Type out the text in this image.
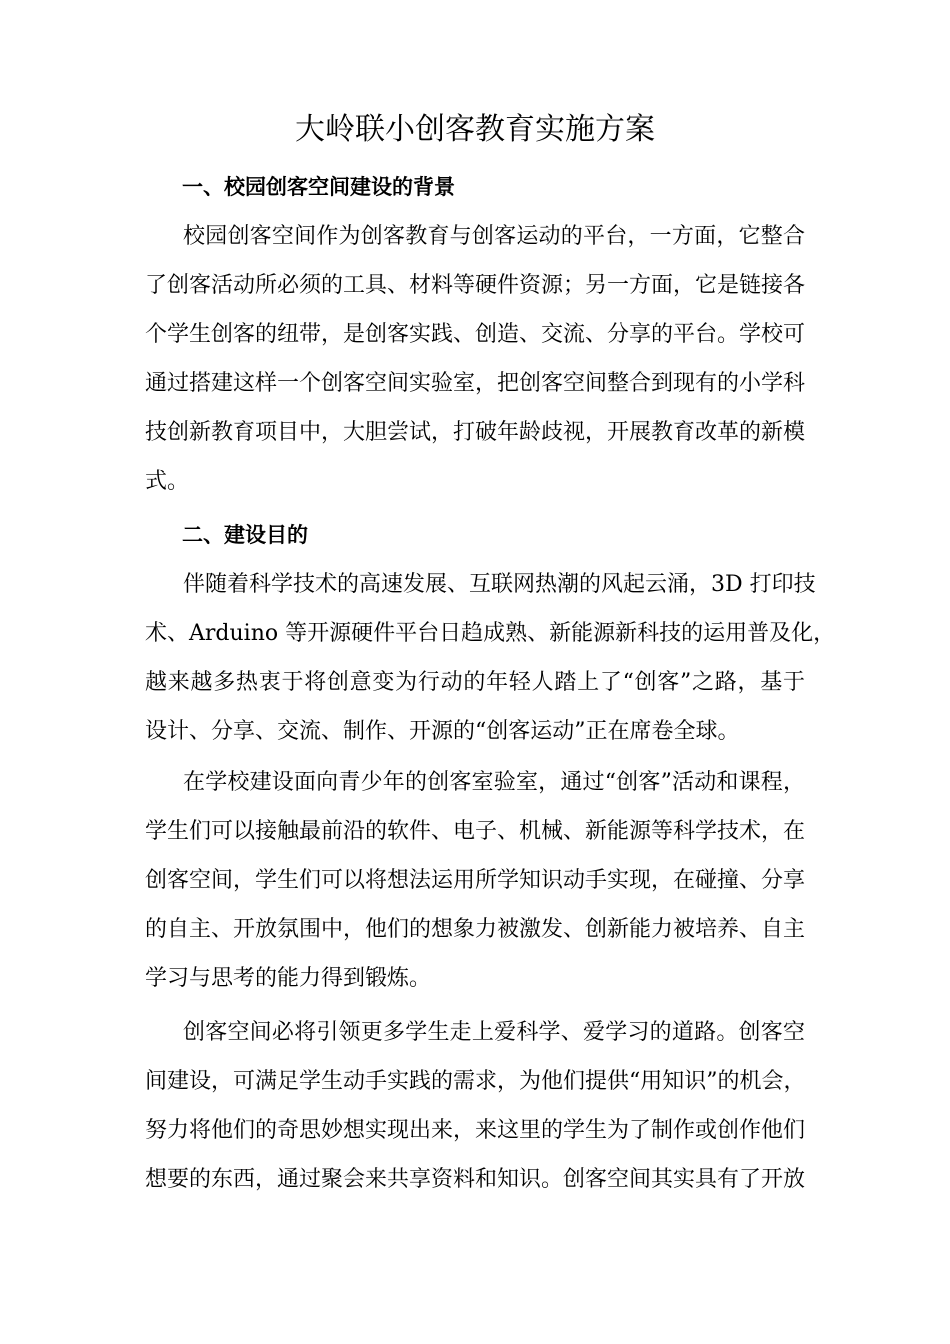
大岭联小创客教育实施方案
一、校园创客空间建设的背景
校园创客空间作为创客教育与创客运动的平台，一方面，它整合
了创客活动所必须的工具、材料等硬件资源；另一方面，它是链接各
个学生创客的纽带，是创客实践、创造、交流、分享的平台。学校可
通过搭建这样一个创客空间实验室，把创客空间整合到现有的小学科
技创新教育项目中，大胆尝试，打破年龄歧视，开展教育改革的新模
式。
二、建设目的
伴随着科学技术的高速发展、互联网热潮的风起云涌，3D 打印技
术、Arduino 等开源硬件平台日趋成熟、新能源新科技的运用普及化，
越来越多热衷于将创意变为行动的年轻人踏上了“创客”之路，基于
设计、分享、交流、制作、开源的“创客运动”正在席卷全球。
在学校建设面向青少年的创客室验室，通过“创客”活动和课程，
学生们可以接触最前沿的软件、电子、机械、新能源等科学技术，在
创客空间，学生们可以将想法运用所学知识动手实现，在碰撞、分享
的自主、开放氛围中，他们的想象力被激发、创新能力被培养、自主
学习与思考的能力得到锻炼。
创客空间必将引领更多学生走上爱科学、爱学习的道路。创客空
间建设，可满足学生动手实践的需求，为他们提供“用知识”的机会，
努力将他们的奇思妙想实现出来，来这里的学生为了制作或创作他们
想要的东西，通过聚会来共享资料和知识。创客空间其实具有了开放
